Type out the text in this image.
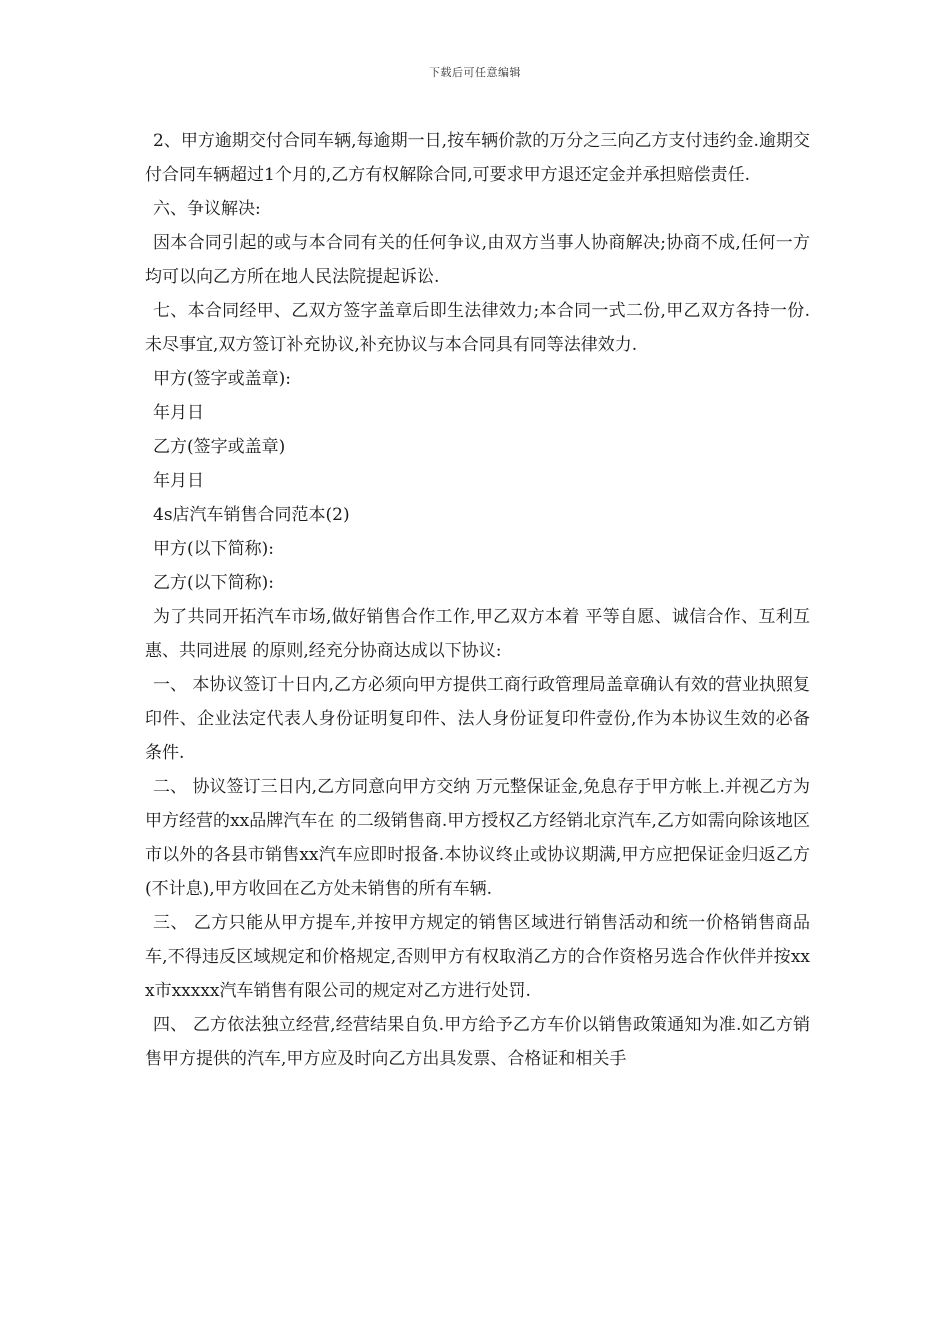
下载后可任意编辑

2、甲方逾期交付合同车辆,每逾期一日,按车辆价款的万分之三向乙方支付违约金.逾期交付合同车辆超过1个月的,乙方有权解除合同,可要求甲方退还定金并承担赔偿责任.

六、争议解决:

因本合同引起的或与本合同有关的任何争议,由双方当事人协商解决;协商不成,任何一方均可以向乙方所在地人民法院提起诉讼.

七、本合同经甲、乙双方签字盖章后即生法律效力;本合同一式二份,甲乙双方各持一份.未尽事宜,双方签订补充协议,补充协议与本合同具有同等法律效力.

甲方(签字或盖章):

年月日

乙方(签字或盖章)

年月日

4s店汽车销售合同范本(2)

甲方(以下简称):

乙方(以下简称):

为了共同开拓汽车市场,做好销售合作工作,甲乙双方本着 平等自愿、诚信合作、互利互惠、共同进展 的原则,经充分协商达成以下协议:

一、 本协议签订十日内,乙方必须向甲方提供工商行政管理局盖章确认有效的营业执照复印件、企业法定代表人身份证明复印件、法人身份证复印件壹份,作为本协议生效的必备条件.

二、 协议签订三日内,乙方同意向甲方交纳 万元整保证金,免息存于甲方帐上.并视乙方为甲方经营的xx品牌汽车在 的二级销售商.甲方授权乙方经销北京汽车,乙方如需向除该地区市以外的各县市销售xx汽车应即时报备.本协议终止或协议期满,甲方应把保证金归返乙方(不计息),甲方收回在乙方处未销售的所有车辆.

三、 乙方只能从甲方提车,并按甲方规定的销售区域进行销售活动和统一价格销售商品车,不得违反区域规定和价格规定,否则甲方有权取消乙方的合作资格另选合作伙伴并按xxx市xxxxx汽车销售有限公司的规定对乙方进行处罚.

四、 乙方依法独立经营,经营结果自负.甲方给予乙方车价以销售政策通知为准.如乙方销售甲方提供的汽车,甲方应及时向乙方出具发票、合格证和相关手
